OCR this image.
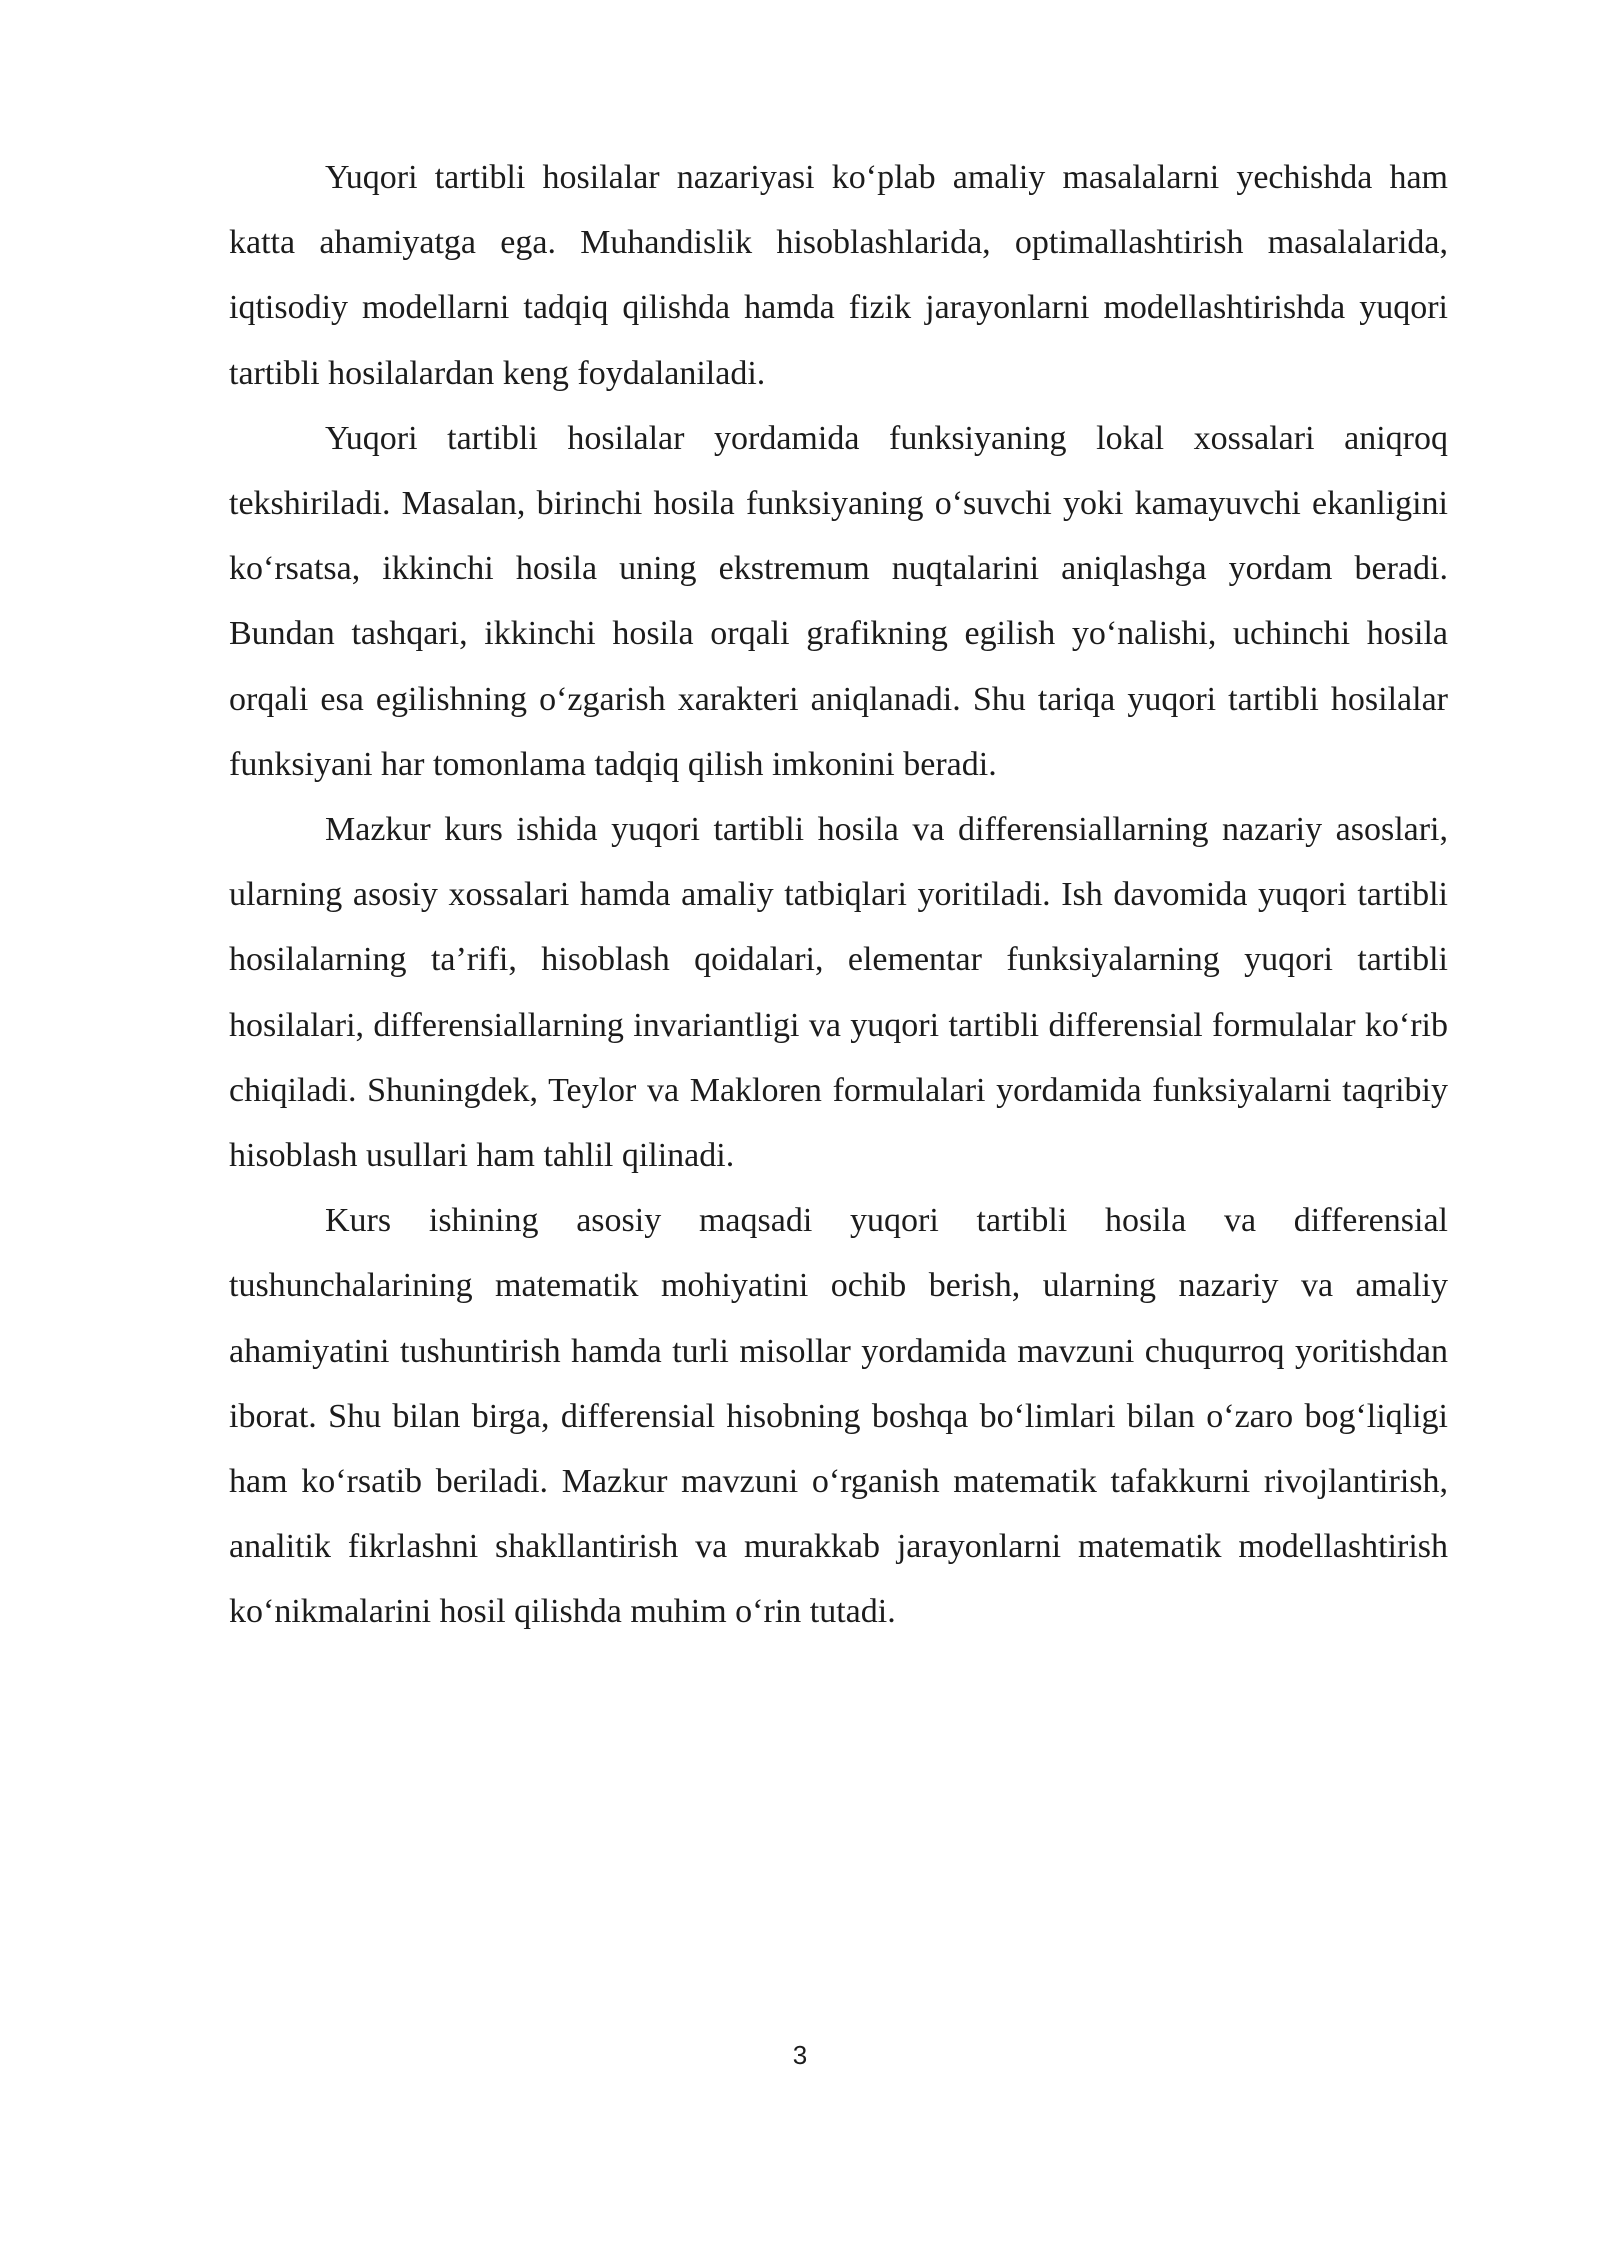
Yuqori tartibli hosilalar nazariyasi ko‘plab amaliy masalalarni yechishda ham katta ahamiyatga ega. Muhandislik hisoblashlarida, optimallashtirish masalalarida, iqtisodiy modellarni tadqiq qilishda hamda fizik jarayonlarni modellashtirishda yuqori tartibli hosilalardan keng foydalaniladi.

Yuqori tartibli hosilalar yordamida funksiyaning lokal xossalari aniqroq tekshiriladi. Masalan, birinchi hosila funksiyaning o‘suvchi yoki kamayuvchi ekanligini ko‘rsatsa, ikkinchi hosila uning ekstremum nuqtalarini aniqlashga yordam beradi. Bundan tashqari, ikkinchi hosila orqali grafikning egilish yo‘nalishi, uchinchi hosila orqali esa egilishning o‘zgarish xarakteri aniqlanadi. Shu tariqa yuqori tartibli hosilalar funksiyani har tomonlama tadqiq qilish imkonini beradi.

Mazkur kurs ishida yuqori tartibli hosila va differensiallarning nazariy asoslari, ularning asosiy xossalari hamda amaliy tatbiqlari yoritiladi. Ish davomida yuqori tartibli hosilalarning ta’rifi, hisoblash qoidalari, elementar funksiyalarning yuqori tartibli hosilalari, differensiallarning invariantligi va yuqori tartibli differensial formulalar ko‘rib chiqiladi. Shuningdek, Teylor va Makloren formulalari yordamida funksiyalarni taqribiy hisoblash usullari ham tahlil qilinadi.

Kurs ishining asosiy maqsadi yuqori tartibli hosila va differensial tushunchalarining matematik mohiyatini ochib berish, ularning nazariy va amaliy ahamiyatini tushuntirish hamda turli misollar yordamida mavzuni chuqurroq yoritishdan iborat. Shu bilan birga, differensial hisobning boshqa bo‘limlari bilan o‘zaro bog‘liqligi ham ko‘rsatib beriladi. Mazkur mavzuni o‘rganish matematik tafakkurni rivojlantirish, analitik fikrlashni shakllantirish va murakkab jarayonlarni matematik modellashtirish ko‘nikmalarini hosil qilishda muhim o‘rin tutadi.

3
